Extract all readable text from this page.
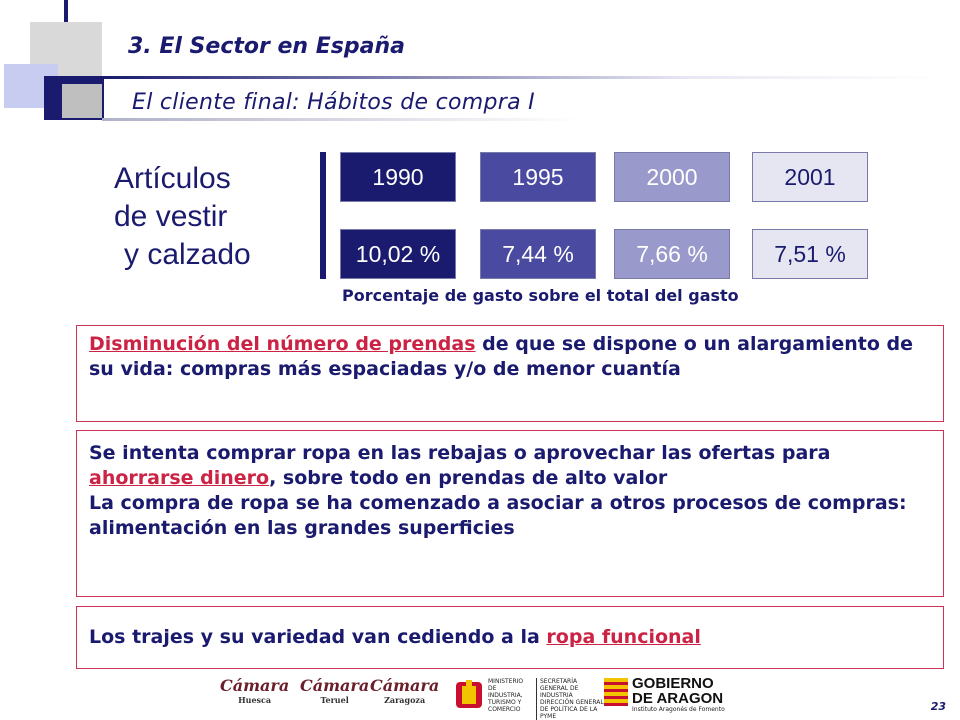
3. El Sector en España
El cliente final: Hábitos de compra I
Artículos
de vestir
y calzado
1990	1995	2000	2001
10,02 %	7,44 %	7,66 %	7,51 %
Porcentaje de gasto sobre el total del gasto
Disminución del número de prendas de que se dispone o un alargamiento de su vida: compras más espaciadas y/o de menor cuantía
Se intenta comprar ropa en las rebajas o aprovechar las ofertas para ahorrarse dinero, sobre todo en prendas de alto valor
La compra de ropa se ha comenzado a asociar a otros procesos de compras: alimentación en las grandes superficies
Los trajes y su variedad van cediendo a la ropa funcional
Cámara
Huesca
Cámara
Teruel
Cámara
Zaragoza
MINISTERIO DE INDUSTRIA, TURISMO Y COMERCIO
SECRETARÍA GENERAL DE INDUSTRIA
DIRECCIÓN GENERAL DE POLÍTICA DE LA PYME
GOBIERNO
DE ARAGON
Instituto Aragonés de Fomento	23
